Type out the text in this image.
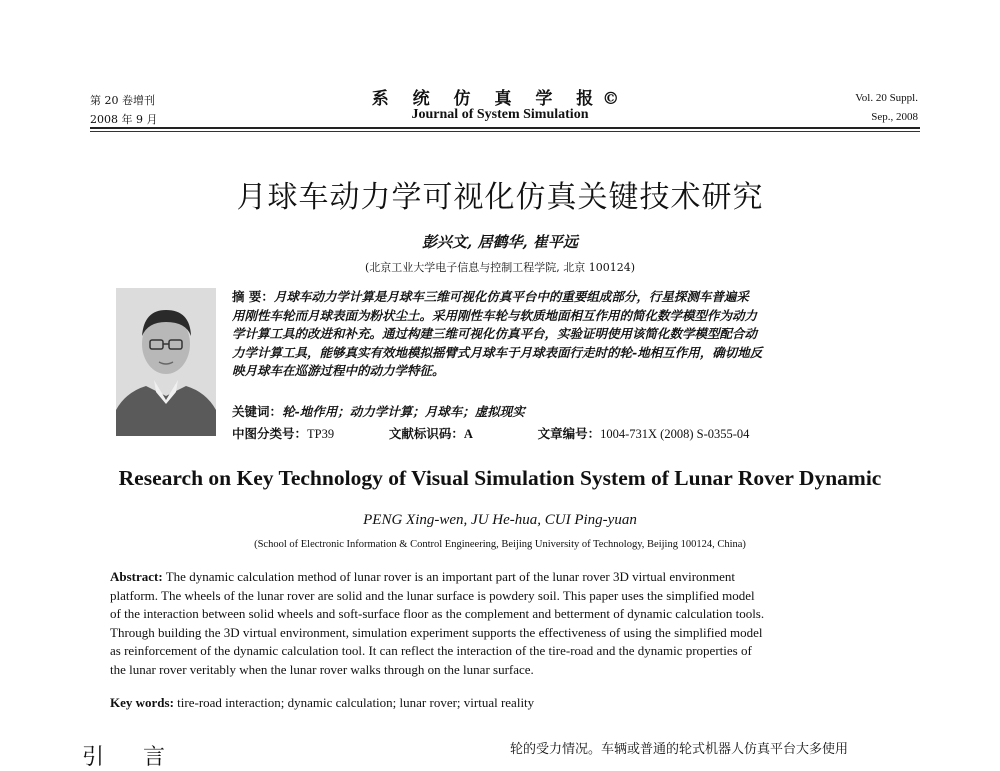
第 20 卷增刊
2008 年 9 月
系 统 仿 真 学 报©
Journal of System Simulation
Vol. 20 Suppl.
Sep., 2008
月球车动力学可视化仿真关键技术研究
彭兴文, 居鹤华, 崔平远
(北京工业大学电子信息与控制工程学院, 北京 100124)
摘 要：月球车动力学计算是月球车三维可视化仿真平台中的重要组成部分，行星探测车普遍采
用刚性车轮而月球表面为粉状尘土。采用刚性车轮与软质地面相互作用的简化数学模型作为动力
学计算工具的改进和补充。通过构建三维可视化仿真平台，实验证明使用该简化数学模型配合动
力学计算工具，能够真实有效地模拟摇臂式月球车于月球表面行走时的轮-地相互作用，确切地反
映月球车在巡游过程中的动力学特征。
关键词：轮-地作用；动力学计算；月球车；虚拟现实
中图分类号：TP39	文献标识码：A	文章编号：1004-731X (2008) S-0355-04
Research on Key Technology of Visual Simulation System of Lunar Rover Dynamic
PENG Xing-wen, JU He-hua, CUI Ping-yuan
(School of Electronic Information & Control Engineering, Beijing University of Technology, Beijing 100124, China)
Abstract: The dynamic calculation method of lunar rover is an important part of the lunar rover 3D virtual environment
platform. The wheels of the lunar rover are solid and the lunar surface is powdery soil. This paper uses the simplified model
of the interaction between solid wheels and soft-surface floor as the complement and betterment of dynamic calculation tools.
Through building the 3D virtual environment, simulation experiment supports the effectiveness of using the simplified model
as reinforcement of the dynamic calculation tool. It can reflect the interaction of the tire-road and the dynamic properties of
the lunar rover veritably when the lunar rover walks through on the lunar surface.
Key words: tire-road interaction; dynamic calculation; lunar rover; virtual reality
引 言	轮的受力情况。车辆或普通的轮式机器人仿真平台大多使用
